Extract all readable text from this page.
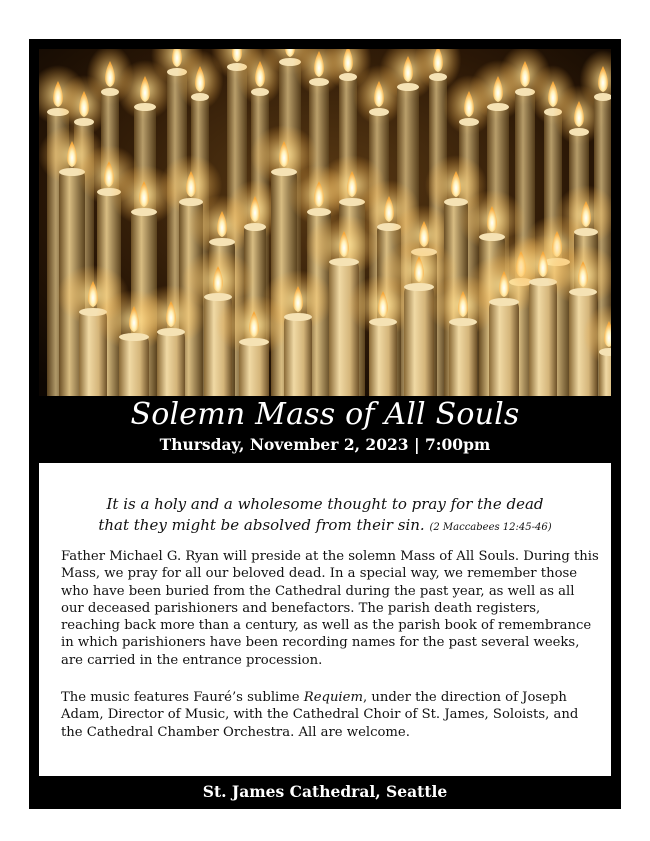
Solemn Mass of All Souls
Thursday, November 2, 2023 | 7:00pm
It is a holy and a wholesome thought to pray for the dead
that they might be absolved from their sin. (2 Maccabees 12:45-46)

Father Michael G. Ryan will preside at the solemn Mass of All Souls. During this Mass, we pray for all our beloved dead. In a special way, we remember those who have been buried from the Cathedral during the past year, as well as all our deceased parishioners and benefactors. The parish death registers, reaching back more than a century, as well as the parish book of remembrance in which parishioners have been recording names for the past several weeks, are carried in the entrance procession.

The music features Fauré’s sublime Requiem, under the direction of Joseph Adam, Director of Music, with the Cathedral Choir of St. James, Soloists, and the Cathedral Chamber Orchestra. All are welcome.

St. James Cathedral, Seattle
